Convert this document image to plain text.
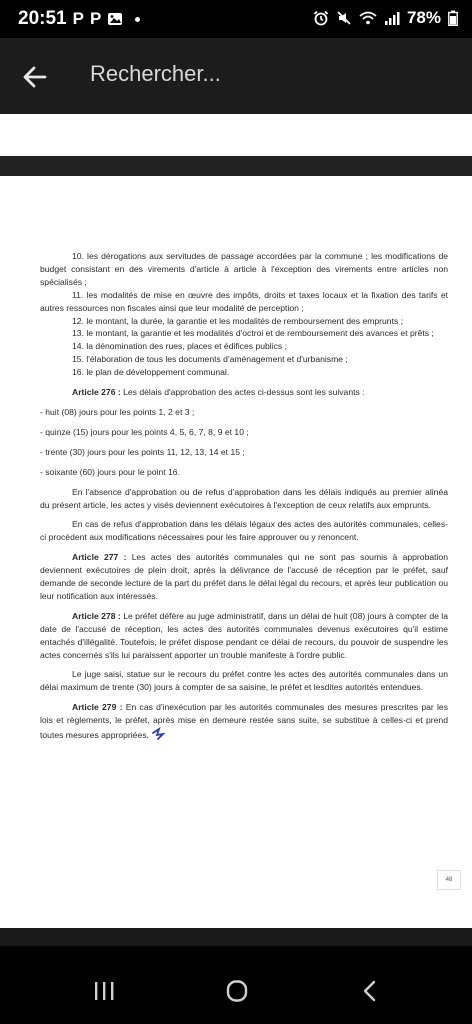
20:51 P P	78%
Rechercher...

10. les dérogations aux servitudes de passage accordées par la commune ; les modifications de budget consistant en des virements d'article à article à l'exception des virements entre articles non spécialisés ;

11. les modalités de mise en œuvre des impôts, droits et taxes locaux et la fixation des tarifs et autres ressources non fiscales ainsi que leur modalité de perception ;

12. le montant, la durée, la garantie et les modalités de remboursement des emprunts ;

13. le montant, la garantie et les modalités d'octroi et de remboursement des avances et prêts ;

14. la dénomination des rues, places et édifices publics ;

15. l'élaboration de tous les documents d'aménagement et d'urbanisme ;

16. le plan de développement communal.

Article 276 : Les délais d'approbation des actes ci-dessus sont les suivants :

- huit (08) jours pour les points 1, 2 et 3 ;

- quinze (15) jours pour les points 4, 5, 6, 7, 8, 9 et 10 ;

- trente (30) jours pour les points 11, 12, 13, 14 et 15 ;

- soixante (60) jours pour le point 16.

En l'absence d'approbation ou de refus d'approbation dans les délais indiqués au premier alinéa du présent article, les actes y visés deviennent exécutoires à l'exception de ceux relatifs aux emprunts.

En cas de refus d'approbation dans les délais légaux des actes des autorités communales, celles-ci procèdent aux modifications nécessaires pour les faire approuver ou y renoncent.

Article 277 : Les actes des autorités communales qui ne sont pas soumis à approbation deviennent exécutoires de plein droit, après la délivrance de l'accusé de réception par le préfet, sauf demande de seconde lecture de la part du préfet dans le délai légal du recours, et après leur publication ou leur notification aux intéressés.

Article 278 : Le préfet défère au juge administratif, dans un délai de huit (08) jours à compter de la date de l'accusé de réception, les actes des autorités communales devenus exécutoires qu'il estime entachés d'illégalité. Toutefois, le préfet dispose pendant ce délai de recours, du pouvoir de suspendre les actes concernés s'ils lui paraissent apporter un trouble manifeste à l'ordre public.

Le juge saisi, statue sur le recours du préfet contre les actes des autorités communales dans un délai maximum de trente (30) jours à compter de sa saisine, le préfet et lesdites autorités entendues.

Article 279 : En cas d'inexécution par les autorités communales des mesures prescrites par les lois et règlements, le préfet, après mise en demeure restée sans suite, se substitue à celles-ci et prend toutes mesures appropriées.

48
